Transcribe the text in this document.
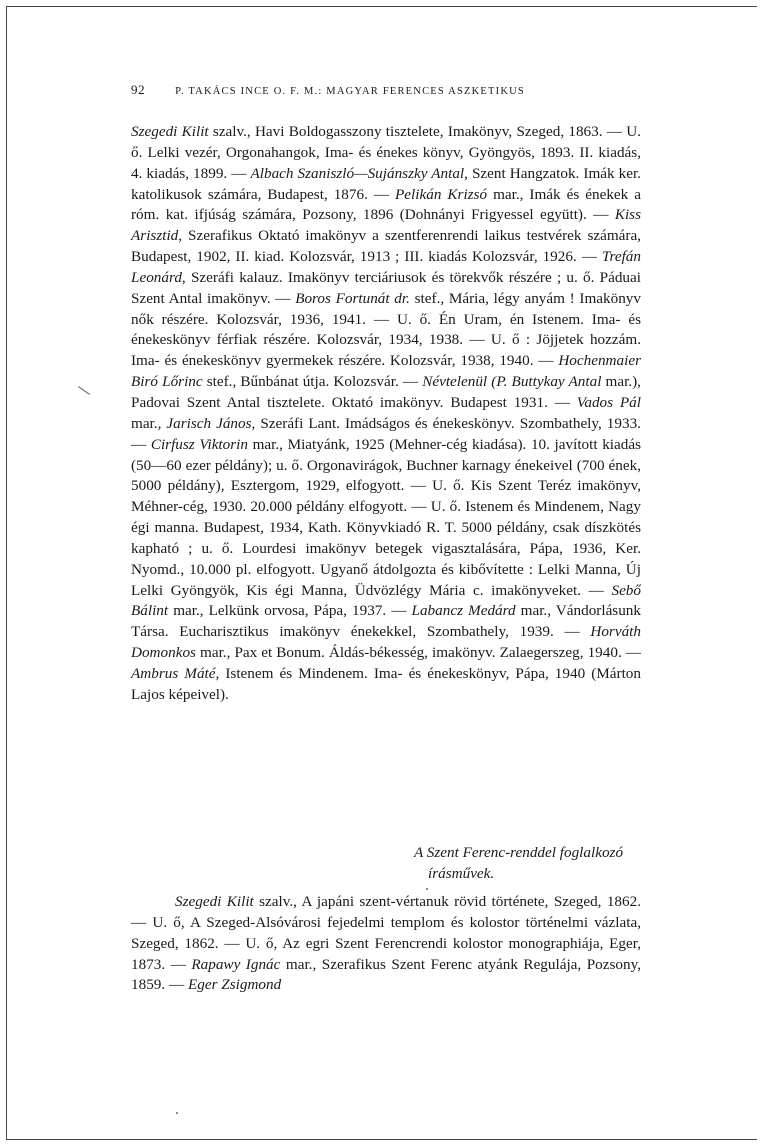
92	P. TAKÁCS INCE O. F. M.: MAGYAR FERENCES ASZKETIKUS

Szegedi Kilit szalv., Havi Boldogasszony tisztelete, Imakönyv, Szeged, 1863. — U. ő. Lelki vezér, Orgonahangok, Ima- és énekes könyv, Gyöngyös, 1893. II. kiadás, 4. kiadás, 1899. — Albach Szaniszló—Sujánszky Antal, Szent Hangzatok. Imák ker. katolikusok számára, Budapest, 1876. — Pelikán Krizsó mar., Imák és énekek a róm. kat. ifjúság számára, Pozsony, 1896 (Dohnányi Frigyessel együtt). — Kiss Arisztid, Szerafikus Oktató imakönyv a szentferenrendi laikus testvérek számára, Budapest, 1902, II. kiad. Kolozsvár, 1913 ; III. kiadás Kolozsvár, 1926. — Trefán Leonárd, Szeráfi kalauz. Imakönyv terciáriusok és törekvők részére ; u. ő. Páduai Szent Antal imakönyv. — Boros Fortunát dr. stef., Mária, légy anyám ! Imakönyv nők részére. Kolozsvár, 1936, 1941. — U. ő. Én Uram, én Istenem. Ima- és énekeskönyv férfiak részére. Kolozsvár, 1934, 1938. — U. ő : Jöjjetek hozzám. Ima- és énekeskönyv gyermekek részére. Kolozsvár, 1938, 1940. — Hochenmaier Biró Lőrinc stef., Bűnbánat útja. Kolozsvár. — Névtelenül (P. Buttykay Antal mar.), Padovai Szent Antal tisztelete. Oktató imakönyv. Budapest 1931. — Vados Pál mar., Jarisch János, Szeráfi Lant. Imádságos és énekeskönyv. Szombathely, 1933. — Cirfusz Viktorin mar., Miatyánk, 1925 (Mehner-cég kiadása). 10. javított kiadás (50—60 ezer példány); u. ő. Orgonavirágok, Buchner karnagy énekeivel (700 ének, 5000 példány), Esztergom, 1929, elfogyott. — U. ő. Kis Szent Teréz imakönyv, Méhner-cég, 1930. 20.000 példány elfogyott. — U. ő. Istenem és Mindenem, Nagy égi manna. Budapest, 1934, Kath. Könyvkiadó R. T. 5000 példány, csak díszkötés kapható ; u. ő. Lourdesi imakönyv betegek vigasztalására, Pápa, 1936, Ker. Nyomd., 10.000 pl. elfogyott. Ugyanő átdolgozta és kibővítette : Lelki Manna, Új Lelki Gyöngyök, Kis égi Manna, Üdvözlégy Mária c. imakönyveket. — Sebő Bálint mar., Lelkünk orvosa, Pápa, 1937. — Labancz Medárd mar., Vándorlásunk Társa. Eucharisztikus imakönyv énekekkel, Szombathely, 1939. — Horváth Domonkos mar., Pax et Bonum. Áldás-békesség, imakönyv. Zalaegerszeg, 1940. — Ambrus Máté, Istenem és Mindenem. Ima- és énekeskönyv, Pápa, 1940 (Márton Lajos képeivel).

A Szent Ferenc-renddel foglalkozó
írásművek.

Szegedi Kilit szalv., A japáni szent-vértanuk rövid története, Szeged, 1862. — U. ő, A Szeged-Alsóvárosi fejedelmi templom és kolostor történelmi vázlata, Szeged, 1862. — U. ő, Az egri Szent Ferencrendi kolostor monographiája, Eger, 1873. — Rapawy Ignác mar., Szerafikus Szent Ferenc atyánk Regulája, Pozsony, 1859. — Eger Zsigmond
